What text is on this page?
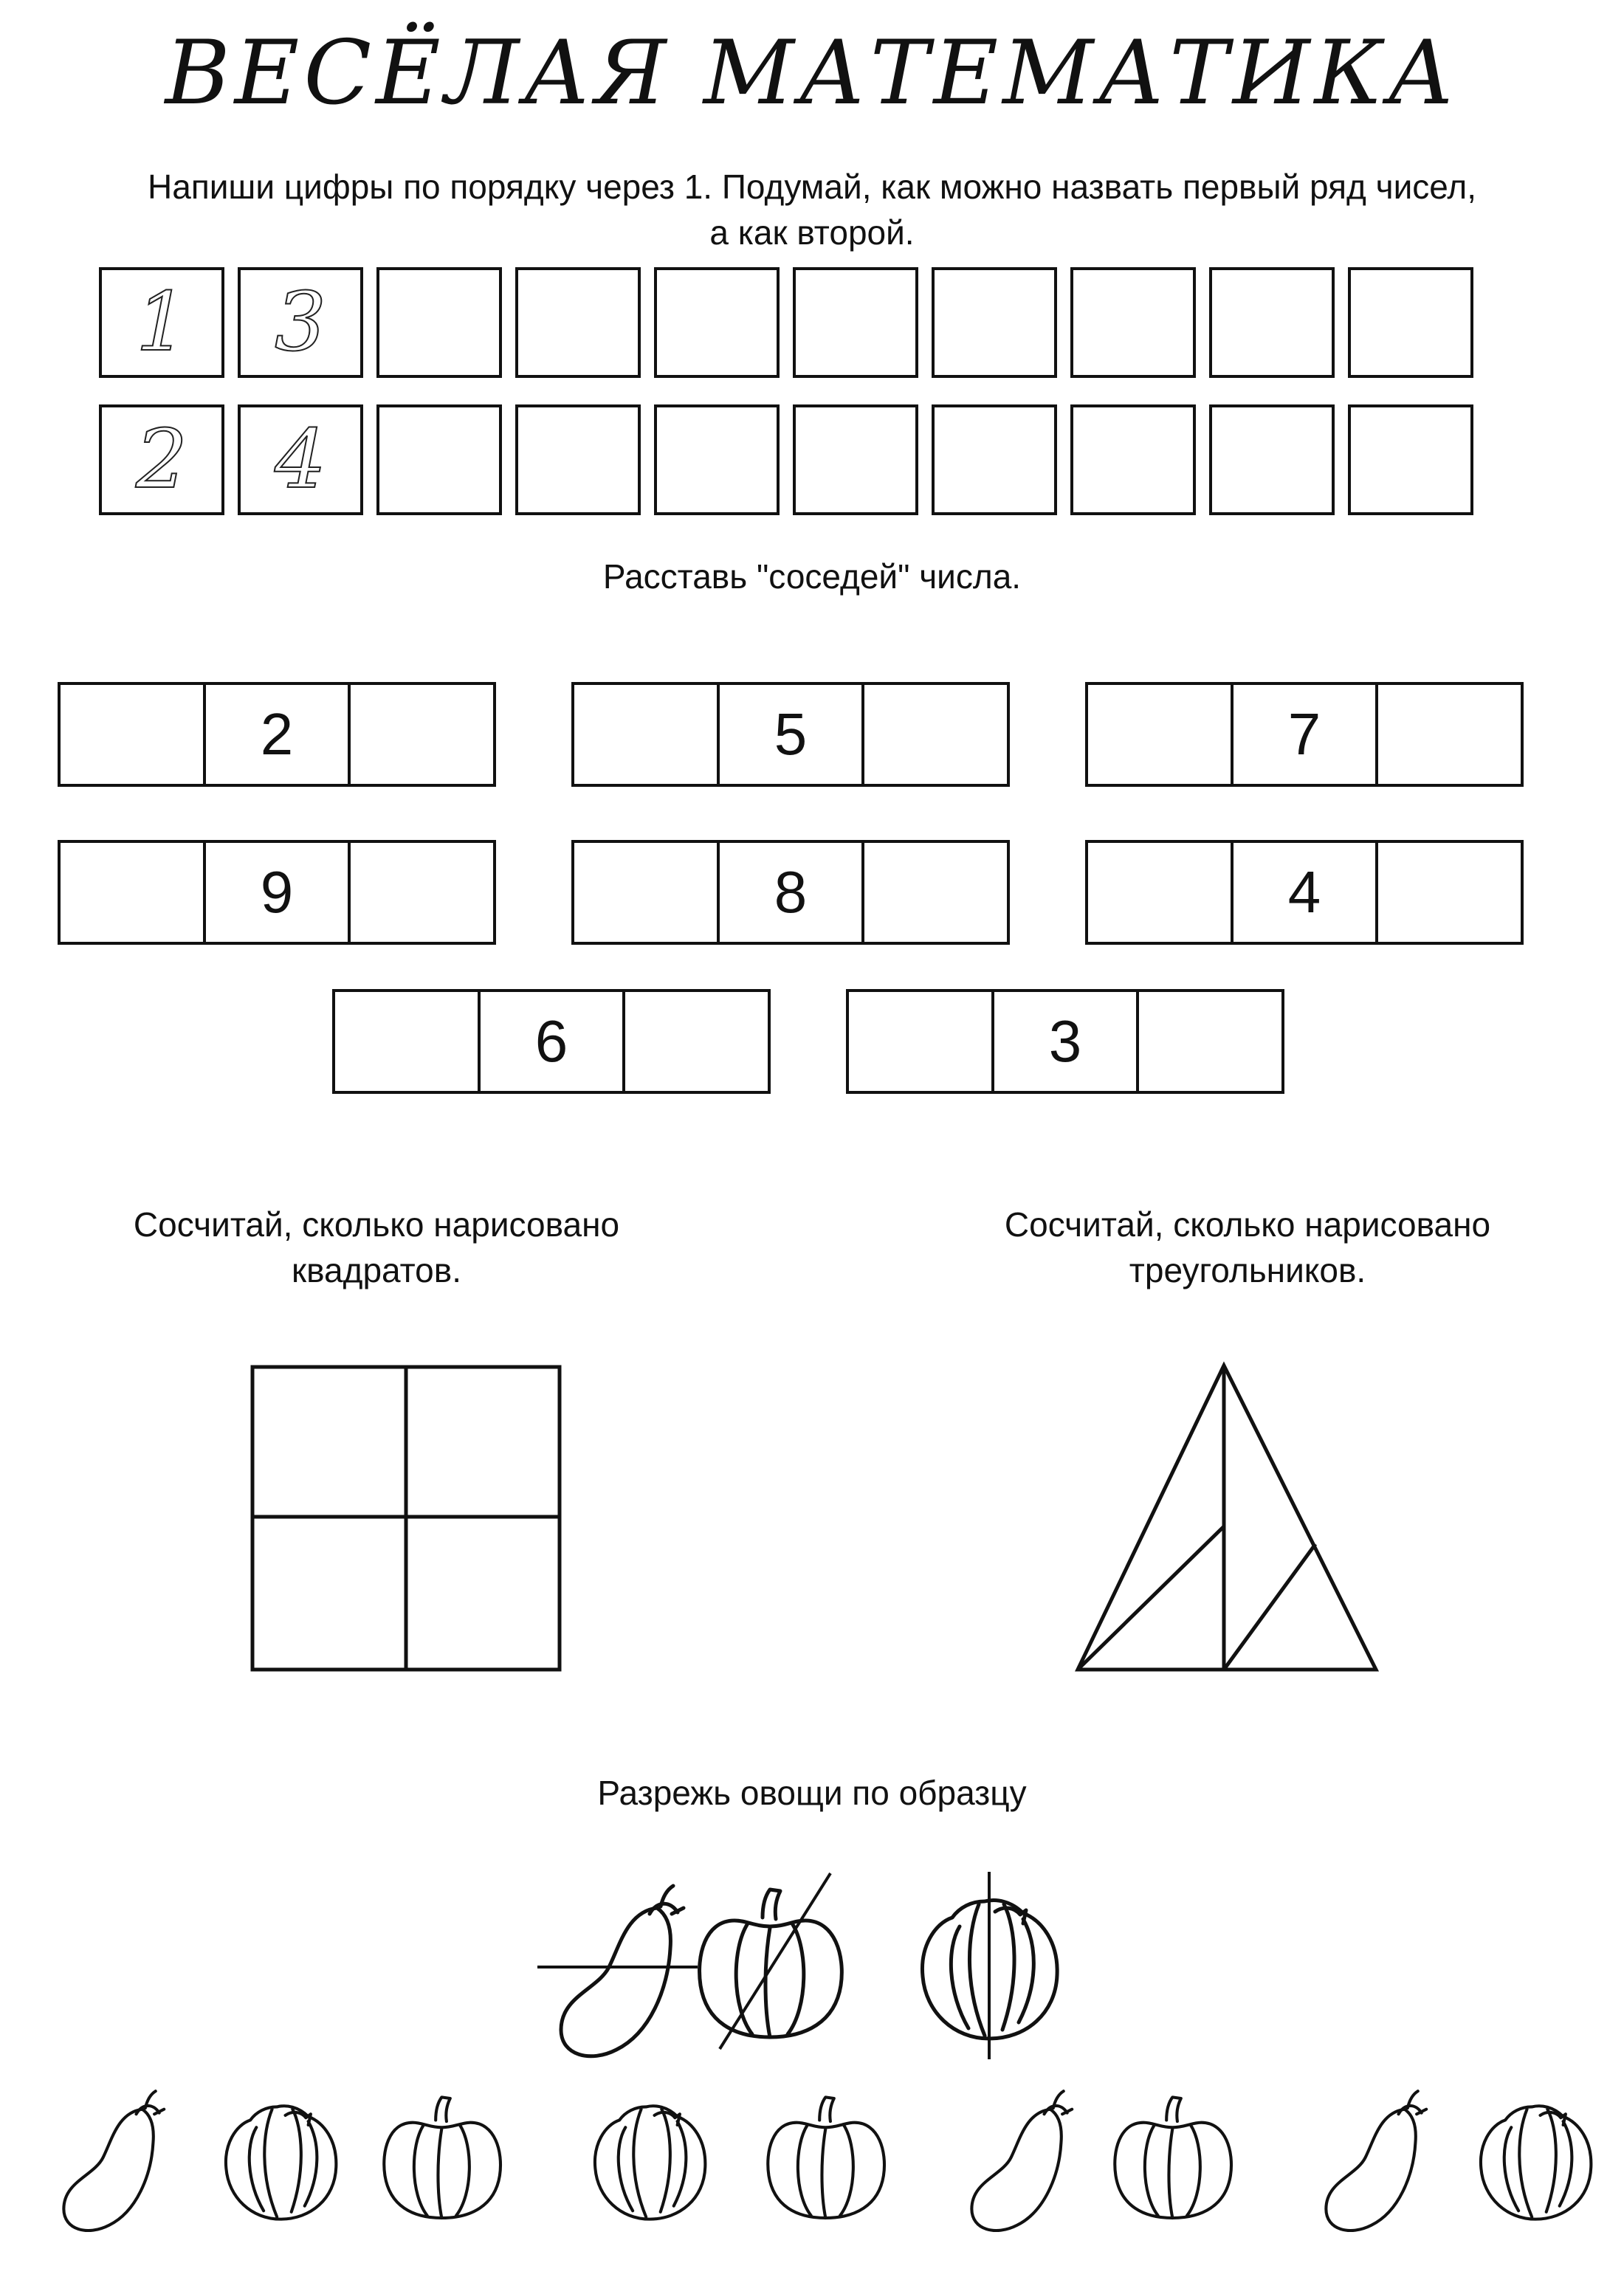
ВЕСЁЛАЯ МАТЕМАТИКА
Напиши цифры по порядку через 1. Подумай, как можно назвать первый ряд чисел,
а как второй.
1	3
2	4
Расставь "соседей" числа.
2	5	7
9	8	4
6	3
Сосчитай, сколько нарисовано
квадратов.
Сосчитай, сколько нарисовано
треугольников.
Разрежь овощи по образцу
